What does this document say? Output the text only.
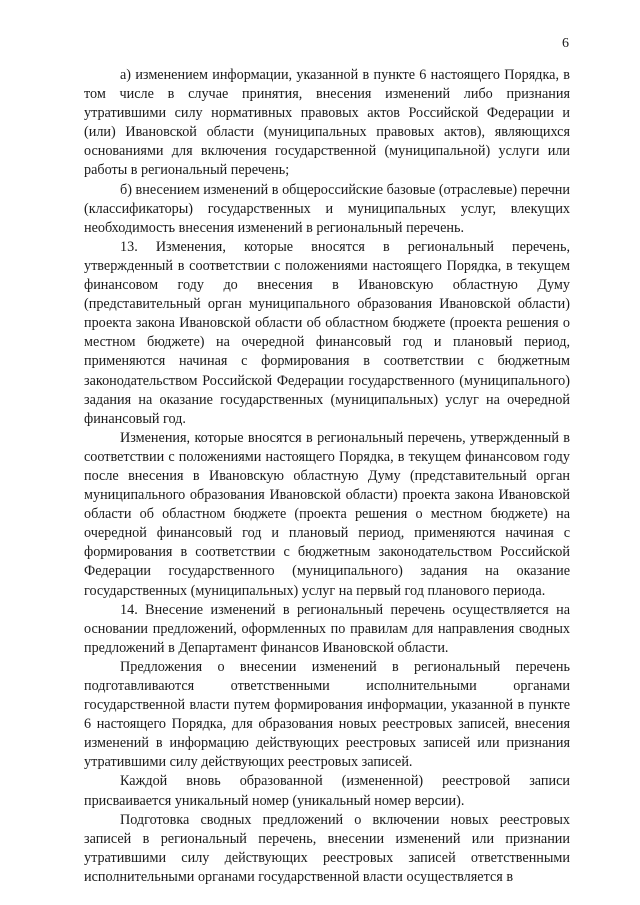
6

а) изменением информации, указанной в пункте 6 настоящего Порядка, в том числе в случае принятия, внесения изменений либо признания утратившими силу нормативных правовых актов Российской Федерации и (или) Ивановской области (муниципальных правовых актов), являющихся основаниями для включения государственной (муниципальной) услуги или работы в региональный перечень;

б) внесением изменений в общероссийские базовые (отраслевые) перечни (классификаторы) государственных и муниципальных услуг, влекущих необходимость внесения изменений в региональный перечень.

13. Изменения, которые вносятся в региональный перечень, утвержденный в соответствии с положениями настоящего Порядка, в текущем финансовом году до внесения в Ивановскую областную Думу (представительный орган муниципального образования Ивановской области) проекта закона Ивановской области об областном бюджете (проекта решения о местном бюджете) на очередной финансовый год и плановый период, применяются начиная с формирования в соответствии с бюджетным законодательством Российской Федерации государственного (муниципального) задания на оказание государственных (муниципальных) услуг на очередной финансовый год.

Изменения, которые вносятся в региональный перечень, утвержденный в соответствии с положениями настоящего Порядка, в текущем финансовом году после внесения в Ивановскую областную Думу (представительный орган муниципального образования Ивановской области) проекта закона Ивановской области об областном бюджете (проекта решения о местном бюджете) на очередной финансовый год и плановый период, применяются начиная с формирования в соответствии с бюджетным законодательством Российской Федерации государственного (муниципального) задания на оказание государственных (муниципальных) услуг на первый год планового периода.

14. Внесение изменений в региональный перечень осуществляется на основании предложений, оформленных по правилам для направления сводных предложений в Департамент финансов Ивановской области.

Предложения о внесении изменений в региональный перечень подготавливаются ответственными исполнительными органами государственной власти путем формирования информации, указанной в пункте 6 настоящего Порядка, для образования новых реестровых записей, внесения изменений в информацию действующих реестровых записей или признания утратившими силу действующих реестровых записей.

Каждой вновь образованной (измененной) реестровой записи присваивается уникальный номер (уникальный номер версии).

Подготовка сводных предложений о включении новых реестровых записей в региональный перечень, внесении изменений или признании утратившими силу действующих реестровых записей ответственными исполнительными органами государственной власти осуществляется в
